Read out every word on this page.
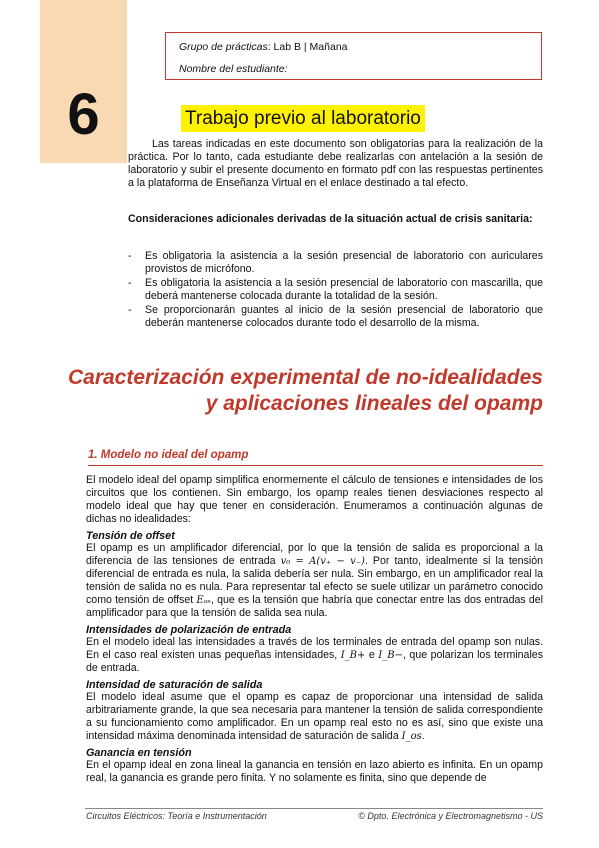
6
Grupo de prácticas: Lab B | Mañana
Nombre del estudiante:
Trabajo previo al laboratorio
Las tareas indicadas en este documento son obligatorias para la realización de la práctica. Por lo tanto, cada estudiante debe realizarlas con antelación a la sesión de laboratorio y subir el presente documento en formato pdf con las respuestas pertinentes a la plataforma de Enseñanza Virtual en el enlace destinado a tal efecto.
Consideraciones adicionales derivadas de la situación actual de crisis sanitaria:
- Es obligatoria la asistencia a la sesión presencial de laboratorio con auriculares provistos de micrófono.
- Es obligatoria la asistencia a la sesión presencial de laboratorio con mascarilla, que deberá mantenerse colocada durante la totalidad de la sesión.
- Se proporcionarán guantes al inicio de la sesión presencial de laboratorio que deberán mantenerse colocados durante todo el desarrollo de la misma.
Caracterización experimental de no-idealidades
y aplicaciones lineales del opamp
1. Modelo no ideal del opamp
El modelo ideal del opamp simplifica enormemente el cálculo de tensiones e intensidades de los circuitos que los contienen. Sin embargo, los opamp reales tienen desviaciones respecto al modelo ideal que hay que tener en consideración. Enumeramos a continuación algunas de dichas no idealidades:
Tensión de offset
El opamp es un amplificador diferencial, por lo que la tensión de salida es proporcional a la diferencia de las tensiones de entrada v₀ = A(v₊ − v₋). Por tanto, idealmente si la tensión diferencial de entrada es nula, la salida debería ser nula. Sin embargo, en un amplificador real la tensión de salida no es nula. Para representar tal efecto se suele utilizar un parámetro conocido como tensión de offset Eₒₛ, que es la tensión que habría que conectar entre las dos entradas del amplificador para que la tensión de salida sea nula.
Intensidades de polarización de entrada
En el modelo ideal las intensidades a través de los terminales de entrada del opamp son nulas. En el caso real existen unas pequeñas intensidades, I_B+ e I_B−, que polarizan los terminales de entrada.
Intensidad de saturación de salida
El modelo ideal asume que el opamp es capaz de proporcionar una intensidad de salida arbitrariamente grande, la que sea necesaria para mantener la tensión de salida correspondiente a su funcionamiento como amplificador. En un opamp real esto no es así, sino que existe una intensidad máxima denominada intensidad de saturación de salida I_os.
Ganancia en tensión
En el opamp ideal en zona lineal la ganancia en tensión en lazo abierto es infinita. En un opamp real, la ganancia es grande pero finita. Y no solamente es finita, sino que depende de
Circuitos Eléctricos: Teoría e Instrumentación	© Dpto. Electrónica y Electromagnetismo - US
